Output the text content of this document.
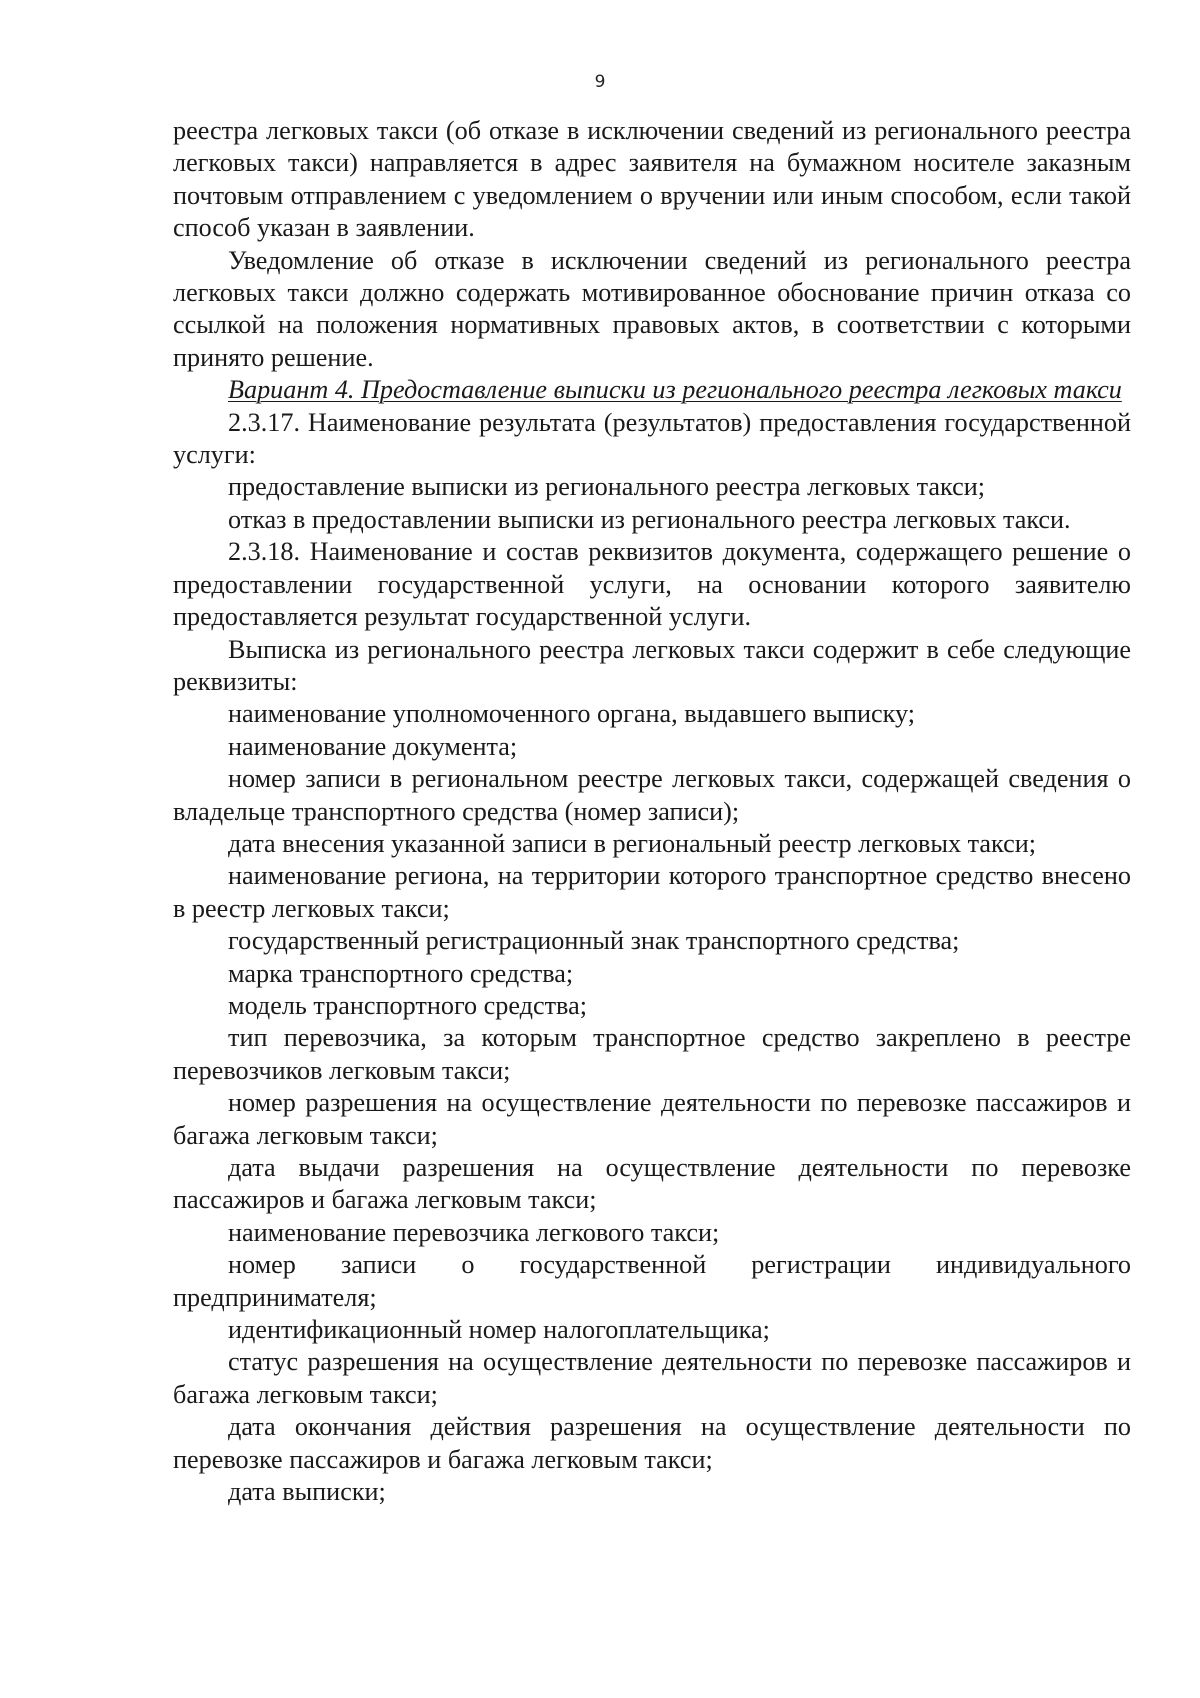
9

реестра легковых такси (об отказе в исключении сведений из регионального реестра легковых такси) направляется в адрес заявителя на бумажном носителе заказным почтовым отправлением с уведомлением о вручении или иным способом, если такой способ указан в заявлении.

Уведомление об отказе в исключении сведений из регионального реестра легковых такси должно содержать мотивированное обоснование причин отказа со ссылкой на положения нормативных правовых актов, в соответствии с которыми принято решение.

Вариант 4. Предоставление выписки из регионального реестра легковых такси

2.3.17. Наименование результата (результатов) предоставления государственной услуги:

предоставление выписки из регионального реестра легковых такси;

отказ в предоставлении выписки из регионального реестра легковых такси.

2.3.18. Наименование и состав реквизитов документа, содержащего решение о предоставлении государственной услуги, на основании которого заявителю предоставляется результат государственной услуги.

Выписка из регионального реестра легковых такси содержит в себе следующие реквизиты:

наименование уполномоченного органа, выдавшего выписку;

наименование документа;

номер записи в региональном реестре легковых такси, содержащей сведения о владельце транспортного средства (номер записи);

дата внесения указанной записи в региональный реестр легковых такси;

наименование региона, на территории которого транспортное средство внесено в реестр легковых такси;

государственный регистрационный знак транспортного средства;

марка транспортного средства;

модель транспортного средства;

тип перевозчика, за которым транспортное средство закреплено в реестре перевозчиков легковым такси;

номер разрешения на осуществление деятельности по перевозке пассажиров и багажа легковым такси;

дата выдачи разрешения на осуществление деятельности по перевозке пассажиров и багажа легковым такси;

наименование перевозчика легкового такси;

номер записи о государственной регистрации индивидуального предпринимателя;

идентификационный номер налогоплательщика;

статус разрешения на осуществление деятельности по перевозке пассажиров и багажа легковым такси;

дата окончания действия разрешения на осуществление деятельности по перевозке пассажиров и багажа легковым такси;

дата выписки;
